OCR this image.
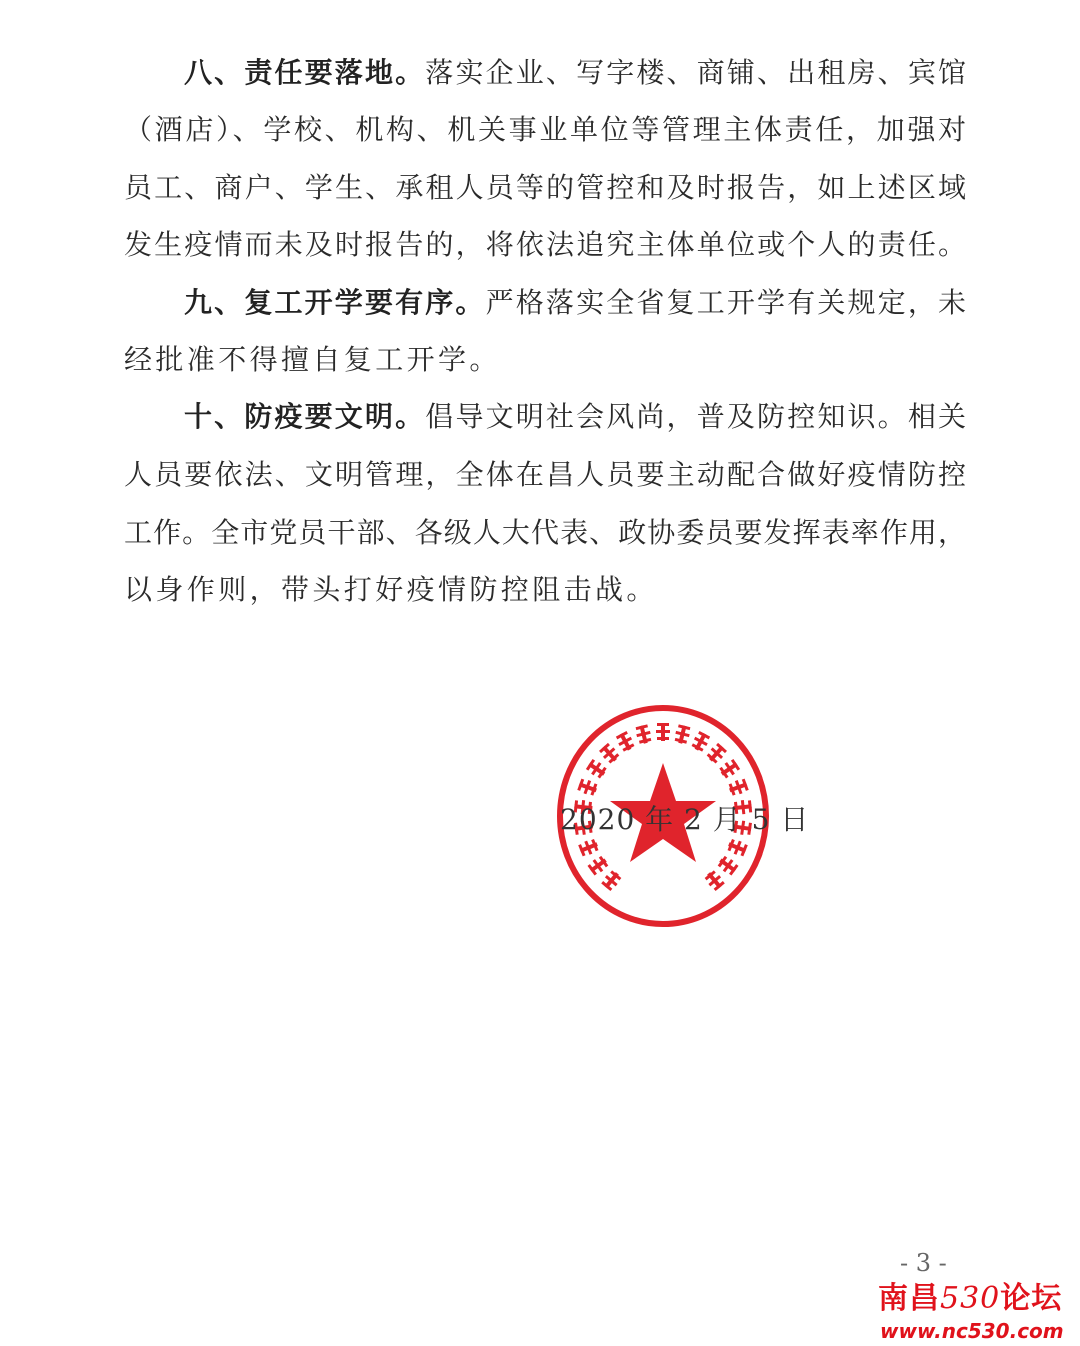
八、责任要落地。落实企业、写字楼、商铺、出租房、宾馆
（酒店）、学校、机构、机关事业单位等管理主体责任，加强对
员工、商户、学生、承租人员等的管控和及时报告，如上述区域
发生疫情而未及时报告的，将依法追究主体单位或个人的责任。
九、复工开学要有序。严格落实全省复工开学有关规定，未
经批准不得擅自复工开学。
十、防疫要文明。倡导文明社会风尚，普及防控知识。相关
人员要依法、文明管理，全体在昌人员要主动配合做好疫情防控
工作。全市党员干部、各级人大代表、政协委员要发挥表率作用，
以身作则，带头打好疫情防控阻击战。
2020 年 2 月 5 日
- 3 -
南昌530论坛
www.nc530.com
